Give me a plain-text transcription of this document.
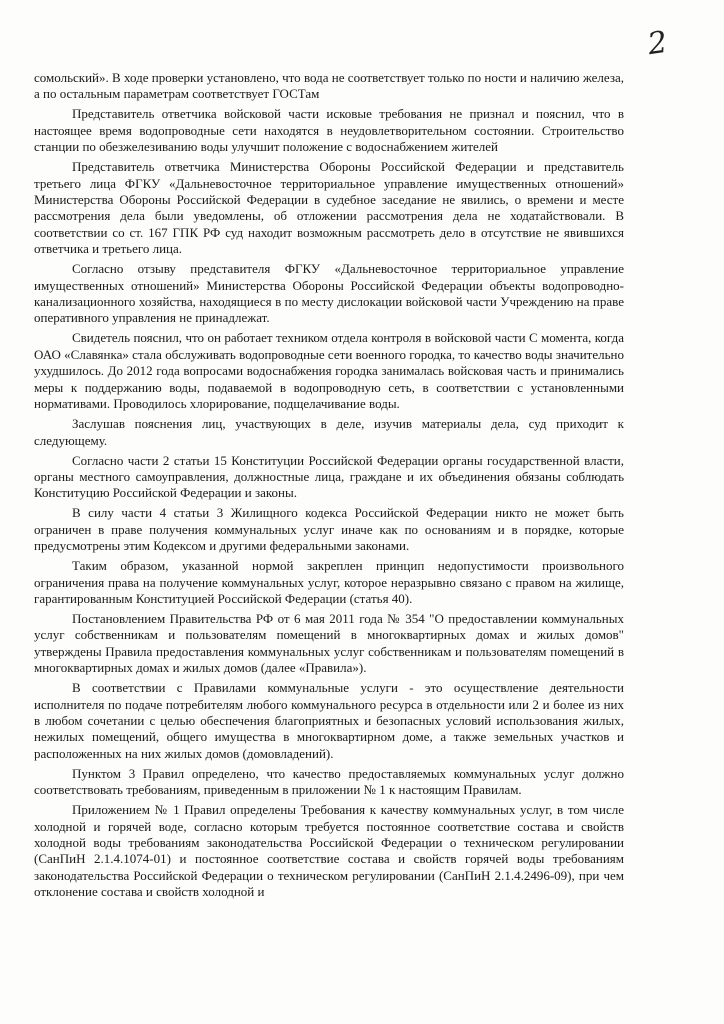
2

сомольский». В ходе проверки установлено, что вода не соответствует только по ности и наличию железа, а по остальным параметрам соответствует ГОСТам

Представитель ответчика войсковой части исковые требования не признал и пояснил, что в настоящее время водопроводные сети находятся в неудовлетворительном состоянии. Строительство станции по обезжелезиванию воды улучшит положение с водоснабжением жителей

Представитель ответчика Министерства Обороны Российской Федерации и представитель третьего лица ФГКУ «Дальневосточное территориальное управление имущественных отношений» Министерства Обороны Российской Федерации в судебное заседание не явились, о времени и месте рассмотрения дела были уведомлены, об отложении рассмотрения дела не ходатайствовали. В соответствии со ст. 167 ГПК РФ суд находит возможным рассмотреть дело в отсутствие не явившихся ответчика и третьего лица.

Согласно отзыву представителя ФГКУ «Дальневосточное территориальное управление имущественных отношений» Министерства Обороны Российской Федерации объекты водопроводно-канализационного хозяйства, находящиеся в по месту дислокации войсковой части Учреждению на праве оперативного управления не принадлежат.

Свидетель пояснил, что он работает техником отдела контроля в войсковой части С момента, когда ОАО «Славянка» стала обслуживать водопроводные сети военного городка, то качество воды значительно ухудшилось. До 2012 года вопросами водоснабжения городка занималась войсковая часть и принимались меры к поддержанию воды, подаваемой в водопроводную сеть, в соответствии с установленными нормативами. Проводилось хлорирование, подщелачивание воды.

Заслушав пояснения лиц, участвующих в деле, изучив материалы дела, суд приходит к следующему.

Согласно части 2 статьи 15 Конституции Российской Федерации органы государственной власти, органы местного самоуправления, должностные лица, граждане и их объединения обязаны соблюдать Конституцию Российской Федерации и законы.

В силу части 4 статьи 3 Жилищного кодекса Российской Федерации никто не может быть ограничен в праве получения коммунальных услуг иначе как по основаниям и в порядке, которые предусмотрены этим Кодексом и другими федеральными законами.

Таким образом, указанной нормой закреплен принцип недопустимости произвольного ограничения права на получение коммунальных услуг, которое неразрывно связано с правом на жилище, гарантированным Конституцией Российской Федерации (статья 40).

Постановлением Правительства РФ от 6 мая 2011 года № 354 "О предоставлении коммунальных услуг собственникам и пользователям помещений в многоквартирных домах и жилых домов" утверждены Правила предоставления коммунальных услуг собственникам и пользователям помещений в многоквартирных домах и жилых домов (далее «Правила»).

В соответствии с Правилами коммунальные услуги - это осуществление деятельности исполнителя по подаче потребителям любого коммунального ресурса в отдельности или 2 и более из них в любом сочетании с целью обеспечения благоприятных и безопасных условий использования жилых, нежилых помещений, общего имущества в многоквартирном доме, а также земельных участков и расположенных на них жилых домов (домовладений).

Пунктом 3 Правил определено, что качество предоставляемых коммунальных услуг должно соответствовать требованиям, приведенным в приложении № 1 к настоящим Правилам.

Приложением № 1 Правил определены Требования к качеству коммунальных услуг, в том числе холодной и горячей воде, согласно которым требуется постоянное соответствие состава и свойств холодной воды требованиям законодательства Российской Федерации о техническом регулировании (СанПиН 2.1.4.1074-01) и постоянное соответствие состава и свойств горячей воды требованиям законодательства Российской Федерации о техническом регулировании (СанПиН 2.1.4.2496-09), при чем отклонение состава и свойств холодной и
